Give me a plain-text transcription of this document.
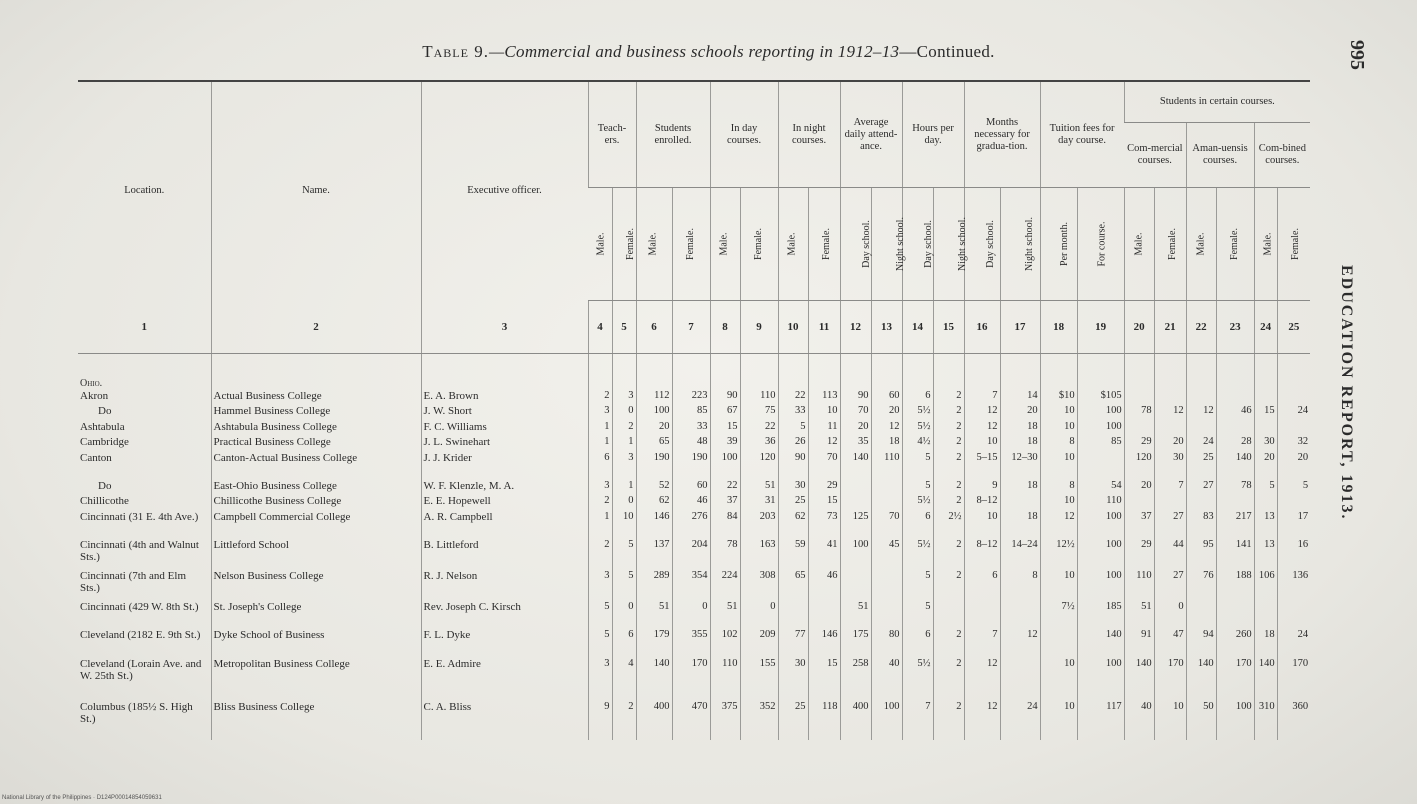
Table 9.—Commercial and business schools reporting in 1912–13—Continued.	995
EDUCATION REPORT, 1913.
Location.	Name.	Executive officer.	Teach-ers.		Students enrolled.		In day courses.		In night courses.		Average daily attend-ance.		Hours per day.		Months necessary for gradua-tion.		Tuition fees for day course.		Students in certain courses.					
																			Com-mercial courses.		Aman-uensis courses.		Com-bined courses.	
			Male.	Female.	Male.	Female.	Male.	Female.	Male.	Female.	Day school.	Night school.	Day school.	Night school.	Day school.	Night school.	Per month.	For course.	Male.	Female.	Male.	Female.	Male.	Female.
1	2	3	4	5	6	7	8	9	10	11	12	13	14	15	16	17	18	19	20	21	22	23	24	25
Ohio.																								
Akron	Actual Business College	E. A. Brown	2	3	112	223	90	110	22	113	90	60	6	2	7	14	$10	$105						
Do	Hammel Business College	J. W. Short	3	0	100	85	67	75	33	10	70	20	5½	2	12	20	10	100	78	12	12	46	15	24
Ashtabula	Ashtabula Business College	F. C. Williams	1	2	20	33	15	22	5	11	20	12	5½	2	12	18	10	100						
Cambridge	Practical Business College	J. L. Swinehart	1	1	65	48	39	36	26	12	35	18	4½	2	10	18	8	85	29	20	24	28	30	32
Canton	Canton-Actual Business College	J. J. Krider	6	3	190	190	100	120	90	70	140	110	5	2	5–15	12–30	10		120	30	25	140	20	20
Do	East-Ohio Business College	W. F. Klenzle, M. A.	3	1	52	60	22	51	30	29			5	2	9	18	8	54	20	7	27	78	5	5
Chillicothe	Chillicothe Business College	E. E. Hopewell	2	0	62	46	37	31	25	15			5½	2	8–12		10	110						
Cincinnati (31 E. 4th Ave.)	Campbell Commercial College	A. R. Campbell	1	10	146	276	84	203	62	73	125	70	6	2½	10	18	12	100	37	27	83	217	13	17
Cincinnati (4th and Walnut Sts.)	Littleford School	B. Littleford	2	5	137	204	78	163	59	41	100	45	5½	2	8–12	14–24	12½	100	29	44	95	141	13	16
Cincinnati (7th and Elm Sts.)	Nelson Business College	R. J. Nelson	3	5	289	354	224	308	65	46			5	2	6	8	10	100	110	27	76	188	106	136
Cincinnati (429 W. 8th St.)	St. Joseph's College	Rev. Joseph C. Kirsch	5	0	51	0	51	0			51		5				7½	185	51	0				
Cleveland (2182 E. 9th St.)	Dyke School of Business	F. L. Dyke	5	6	179	355	102	209	77	146	175	80	6	2	7	12		140	91	47	94	260	18	24
Cleveland (Lorain Ave. and W. 25th St.)	Metropolitan Business College	E. E. Admire	3	4	140	170	110	155	30	15	258	40	5½	2	12		10	100	140	170	140	170	140	170
Columbus (185½ S. High St.)	Bliss Business College	C. A. Bliss	9	2	400	470	375	352	25	118	400	100	7	2	12	24	10	117	40	10	50	100	310	360
National Library of the Philippines · D124P00014854059631
